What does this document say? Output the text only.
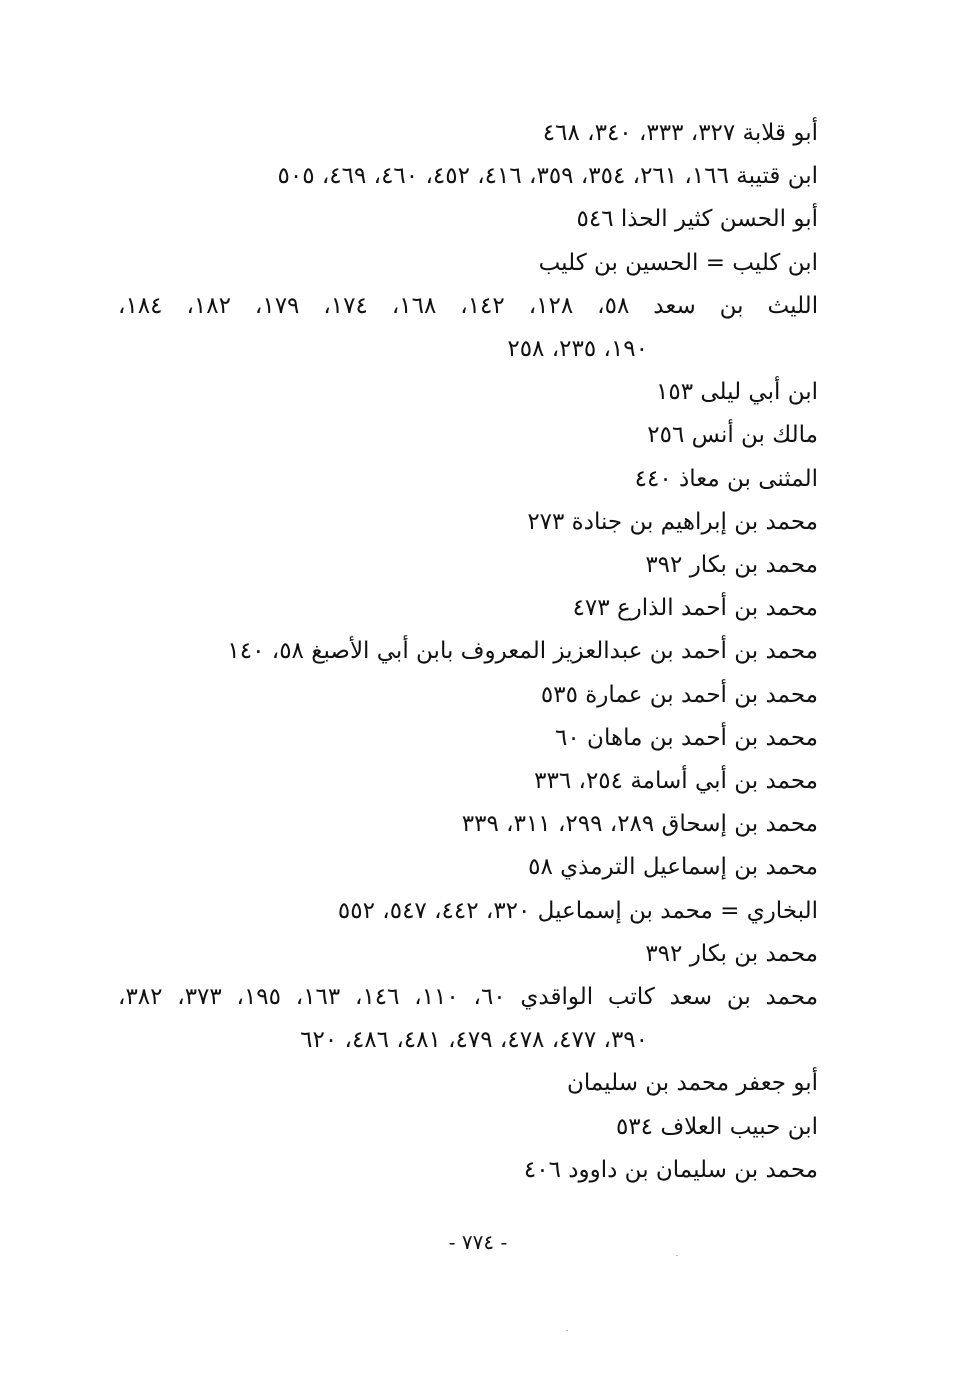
أبو قلابة ٣٢٧، ٣٣٣، ٣٤٠، ٤٦٨
ابن قتيبة ١٦٦، ٢٦١، ٣٥٤، ٣٥٩، ٤١٦، ٤٥٢، ٤٦٠، ٤٦٩، ٥٠٥
أبو الحسن كثير الحذا ٥٤٦
ابن كليب = الحسين بن كليب
الليث بن سعد ٥٨، ١٢٨، ١٤٢، ١٦٨، ١٧٤، ١٧٩، ١٨٢، ١٨٤،
١٩٠، ٢٣٥، ٢٥٨
ابن أبي ليلى ١٥٣
مالك بن أنس ٢٥٦
المثنى بن معاذ ٤٤٠
محمد بن إبراهيم بن جنادة ٢٧٣
محمد بن بكار ٣٩٢
محمد بن أحمد الذارع ٤٧٣
محمد بن أحمد بن عبدالعزيز المعروف بابن أبي الأصبغ ٥٨، ١٤٠
محمد بن أحمد بن عمارة ٥٣٥
محمد بن أحمد بن ماهان ٦٠
محمد بن أبي أسامة ٢٥٤، ٣٣٦
محمد بن إسحاق ٢٨٩، ٢٩٩، ٣١١، ٣٣٩
محمد بن إسماعيل الترمذي ٥٨
البخاري = محمد بن إسماعيل ٣٢٠، ٤٤٢، ٥٤٧، ٥٥٢
محمد بن بكار ٣٩٢
محمد بن سعد كاتب الواقدي ٦٠، ١١٠، ١٤٦، ١٦٣، ١٩٥، ٣٧٣، ٣٨٢،
٣٩٠، ٤٧٧، ٤٧٨، ٤٧٩، ٤٨١، ٤٨٦، ٦٢٠
أبو جعفر محمد بن سليمان
ابن حبيب العلاف ٥٣٤
محمد بن سليمان بن داوود ٤٠٦
- ٧٧٤ -
